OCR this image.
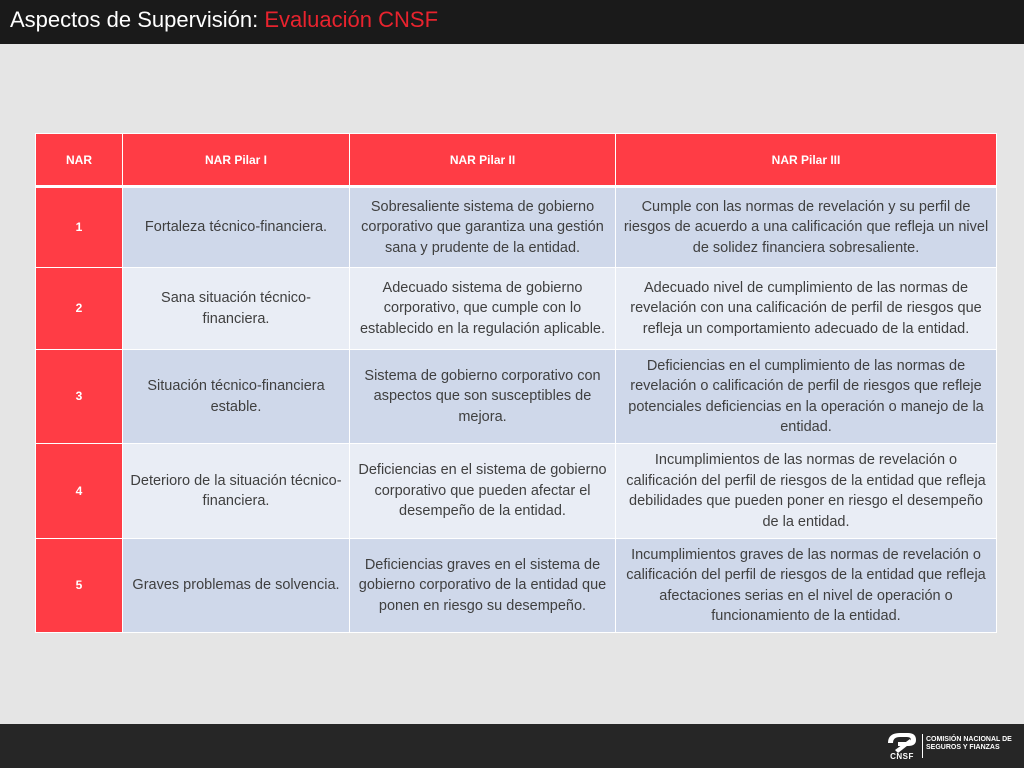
Aspectos de Supervisión: Evaluación CNSF
NAR	NAR Pilar I	NAR Pilar II	NAR Pilar III
1	Fortaleza técnico-financiera.	Sobresaliente sistema de gobierno corporativo que garantiza una gestión sana y prudente de la entidad.	Cumple con las normas de revelación y su perfil de riesgos de acuerdo a una calificación que refleja un nivel de solidez financiera sobresaliente.
2	Sana situación técnico-financiera.	Adecuado sistema de gobierno corporativo, que cumple con lo establecido en la regulación aplicable.	Adecuado nivel de cumplimiento de las normas de revelación con una calificación de perfil de riesgos que refleja un comportamiento adecuado de la entidad.
3	Situación técnico-financiera estable.	Sistema de gobierno corporativo con aspectos que son susceptibles de mejora.	Deficiencias en el cumplimiento de las normas de revelación o calificación de perfil de riesgos que refleje potenciales deficiencias en la operación o manejo de la entidad.
4	Deterioro de la situación técnico-financiera.	Deficiencias en el sistema de gobierno corporativo que pueden afectar el desempeño de la entidad.	Incumplimientos de las normas de revelación o calificación del perfil de riesgos de la entidad que refleja debilidades que pueden poner en riesgo el desempeño de la entidad.
5	Graves problemas de solvencia.	Deficiencias graves en el sistema de gobierno corporativo de la entidad que ponen en riesgo su desempeño.	Incumplimientos graves de las normas de revelación o calificación del perfil de riesgos de la entidad que refleja afectaciones serias en el nivel de operación o funcionamiento de la entidad.
CNSF
COMISIÓN NACIONAL DE
SEGUROS Y FIANZAS
